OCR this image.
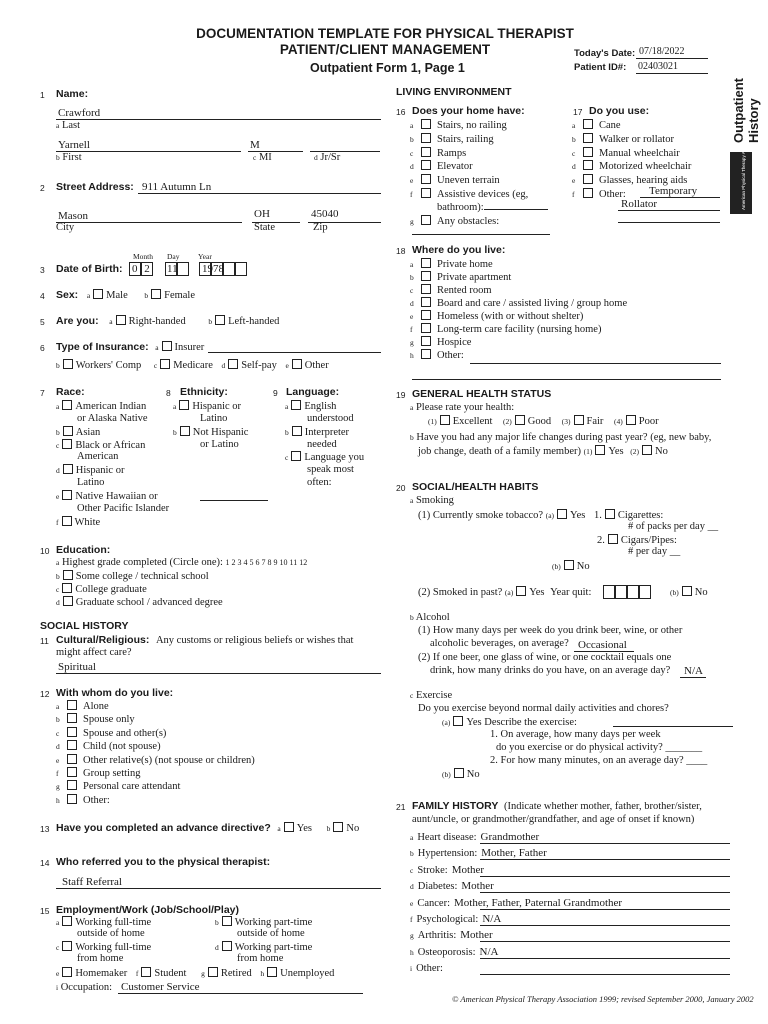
DOCUMENTATION TEMPLATE FOR PHYSICAL THERAPIST
PATIENT/CLIENT MANAGEMENT
Outpatient Form 1, Page 1
Today's Date: 07/18/2022
Patient ID#: 02403021
Outpatient History
American Physical Therapy Association
1 Name:
Crawford
a Last
Yarnell
b First
M
c MI	d Jr/Sr
2 Street Address: 911 Autumn Ln
Mason
City
OH
State
45040
Zip
Month Day Year
3 Date of Birth: 0 2 11 1978
4 Sex: a Male b Female
5 Are you: a Right-handed	b Left-handed
6 Type of Insurance: a Insurer
b Workers' Comp c Medicare d Self-pay e Other
7 Race:
a American Indian
or Alaska Native
b Asian
c Black or African
American
d Hispanic or
Latino
e Native Hawaiian or
Other Pacific Islander
f White
8 Ethnicity:
a Hispanic or
Latino
b Not Hispanic
or Latino
9 Language:
a English
understood
b Interpreter
needed
c Language you
speak most
often:
10 Education:
a Highest grade completed (Circle one): 1 2 3 4 5 6 7 8 9 10 11 12
b Some college / technical school
c College graduate
d Graduate school / advanced degree
SOCIAL HISTORY
11 Cultural/Religious: Any customs or religious beliefs or wishes that
might affect care?
Spiritual
12 With whom do you live:
a Alone
b Spouse only
c Spouse and other(s)
d Child (not spouse)
e Other relative(s) (not spouse or children)
f Group setting
g Personal care attendant
h Other:
13 Have you completed an advance directive? a Yes b No
14 Who referred you to the physical therapist:
Staff Referral
15 Employment/Work (Job/School/Play)
a Working full-time
outside of home
b Working part-time
outside of home
c Working full-time
from home
d Working part-time
from home
e Homemaker f Student g Retired h Unemployed
i Occupation: Customer Service
LIVING ENVIRONMENT
16 Does your home have:
a Stairs, no railing
b Stairs, railing
c Ramps
d Elevator
e Uneven terrain
f Assistive devices (eg,
bathroom):
g Any obstacles:
17 Do you use:
a Cane
b Walker or rollator
c Manual wheelchair
d Motorized wheelchair
e Glasses, hearing aids
f Other:	Temporary
Rollator
18 Where do you live:
a Private home
b Private apartment
c Rented room
d Board and care / assisted living / group home
e Homeless (with or without shelter)
f Long-term care facility (nursing home)
g Hospice
h Other:
19 GENERAL HEALTH STATUS
a Please rate your health:
(1) Excellent (2) Good (3) Fair (4) Poor
b Have you had any major life changes during past year? (eg, new baby,
job change, death of a family member) (1) Yes (2) No
20 SOCIAL/HEALTH HABITS
a Smoking
(1) Currently smoke tobacco? (a) Yes 1. Cigarettes:
# of packs per day __
2. Cigars/Pipes:
# per day __
(b) No
(2) Smoked in past? (a) Yes Year quit:	(b) No
b Alcohol
(1) How many days per week do you drink beer, wine, or other
alcoholic beverages, on average? Occasional
(2) If one beer, one glass of wine, or one cocktail equals one
drink, how many drinks do you have, on an average day? N/A
c Exercise
Do you exercise beyond normal daily activities and chores?
(a) Yes Describe the exercise:
1. On average, how many days per week
do you exercise or do physical activity? _______
2. For how many minutes, on an average day? ____
(b) No
21 FAMILY HISTORY (Indicate whether mother, father, brother/sister,
aunt/uncle, or grandmother/grandfather, and age of onset if known)
a Heart disease: Grandmother
b Hypertension: Mother, Father
c Stroke: Mother
d Diabetes: Mother
e Cancer: Mother, Father, Paternal Grandmother
f Psychological: N/A
g Arthritis: Mother
h Osteoporosis: N/A
i Other:
© American Physical Therapy Association 1999; revised September 2000, January 2002
